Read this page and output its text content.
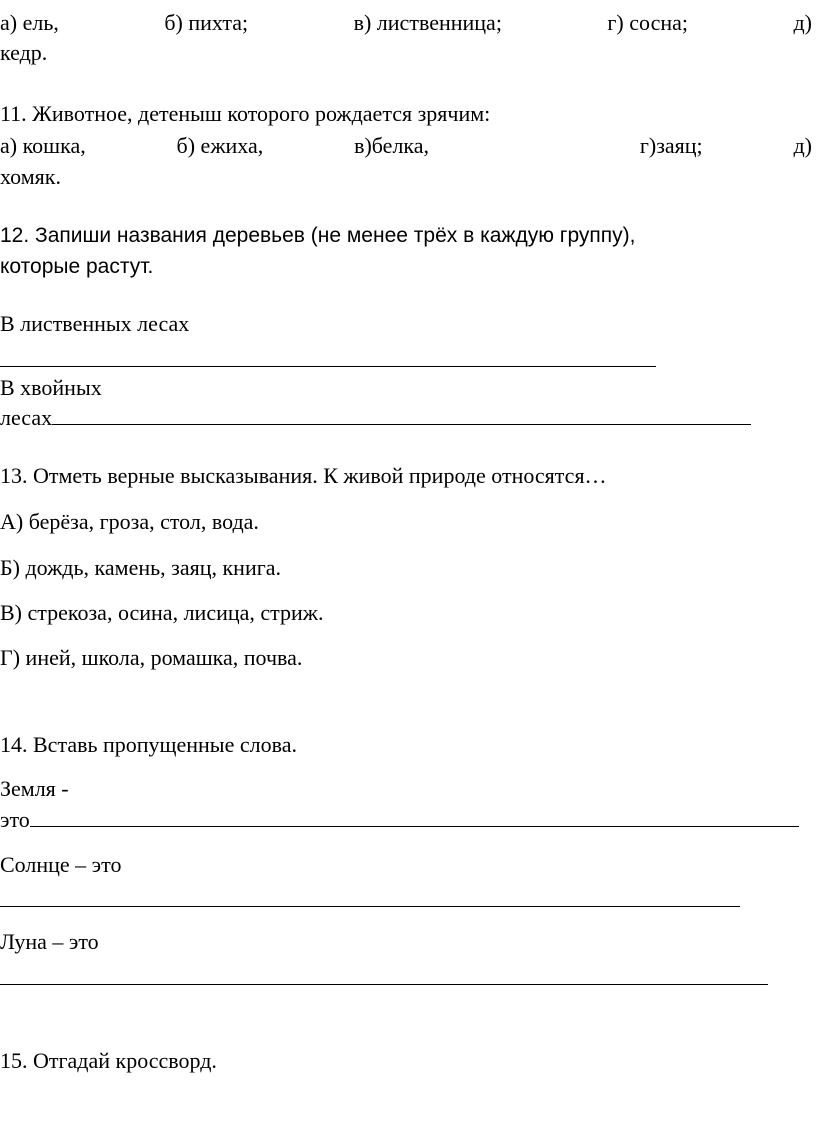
а) ель,	б) пихта;	в) лиственница;	г) сосна;	д)
кедр.
11. Животное, детеныш которого рождается зрячим:
а) кошка,	б) ежиха,	в)белка,	г)заяц;	д)
хомяк.
12. Запиши названия деревьев (не менее трёх в каждую группу),
которые растут.
В лиственных лесах
В хвойных
лесах
13. Отметь верные высказывания. К живой природе относятся…
А) берёза, гроза, стол, вода.
Б) дождь, камень, заяц, книга.
В) стрекоза, осина, лисица, стриж.
Г) иней, школа, ромашка, почва.
14. Вставь пропущенные слова.
Земля -
это
Солнце – это
Луна – это
15. Отгадай кроссворд.
